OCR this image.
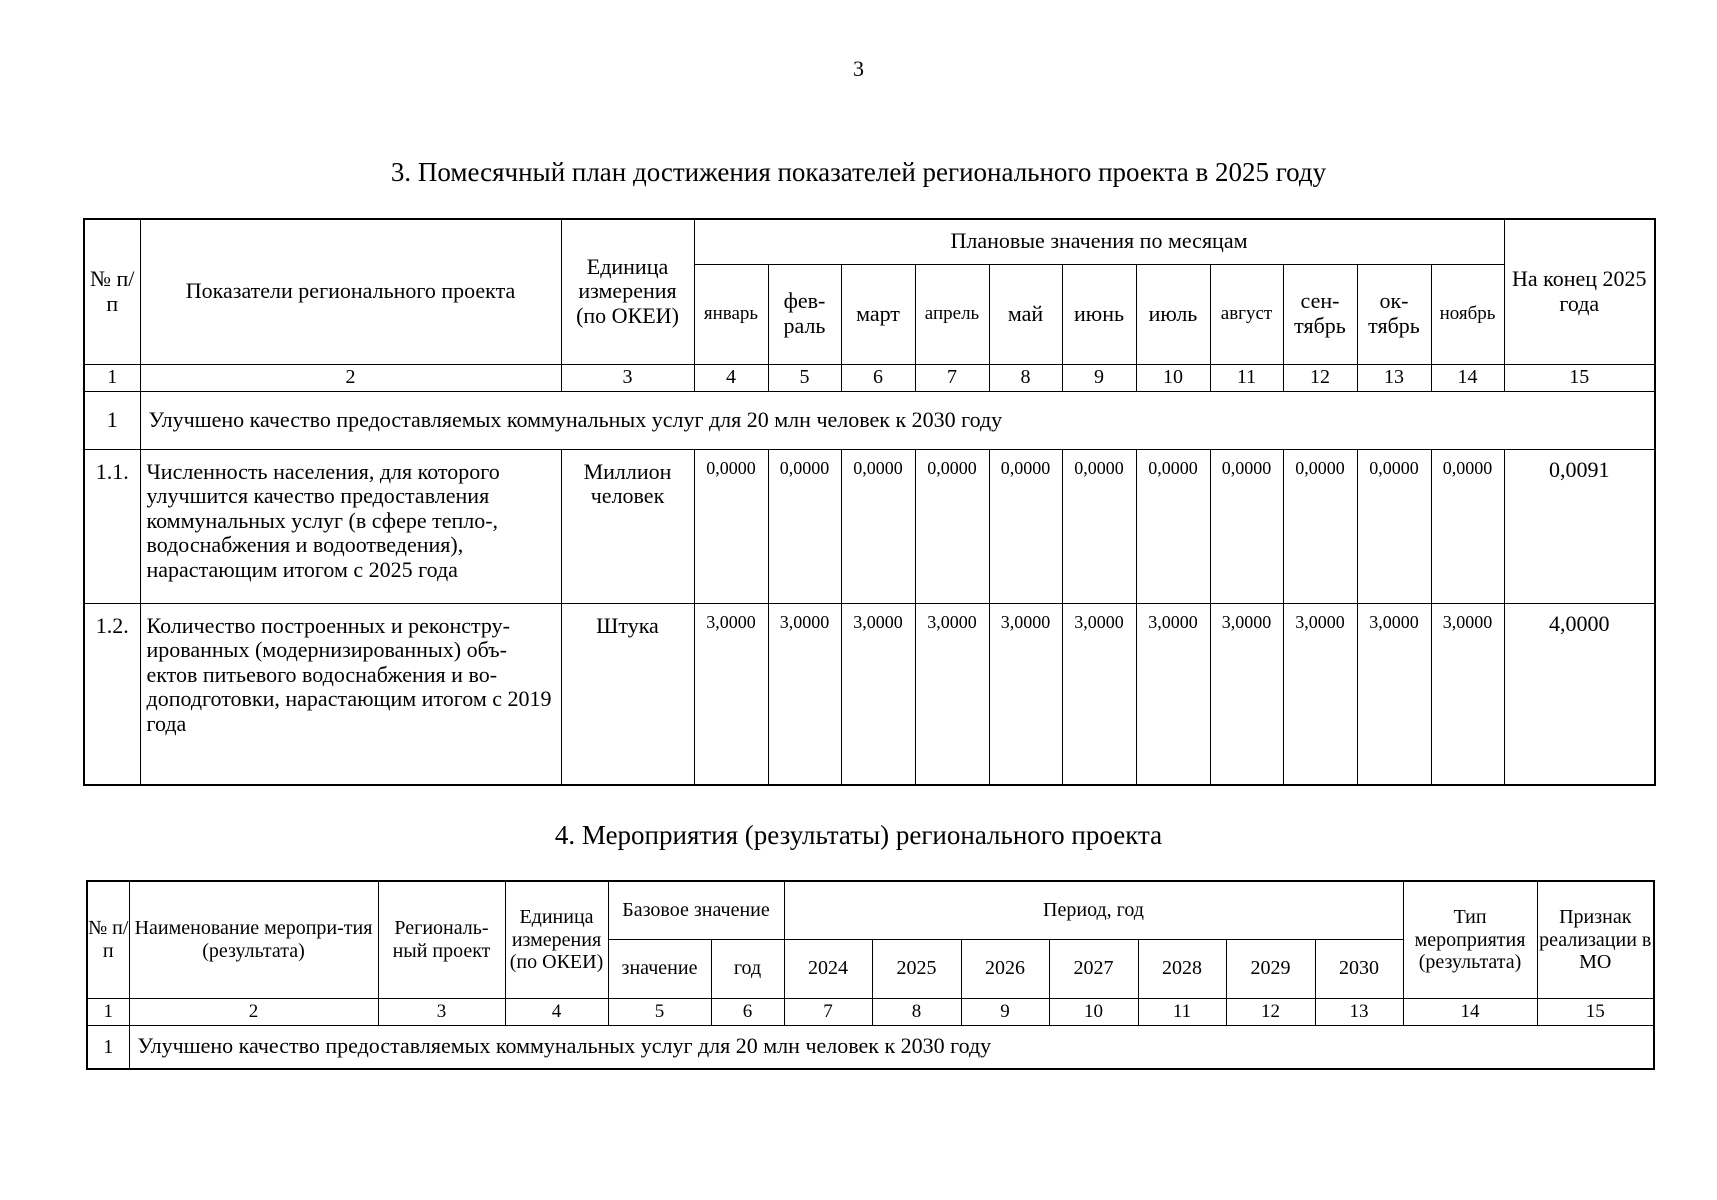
3
3. Помесячный план достижения показателей регионального проекта в 2025 году
№ п/п	Показатели регионального проекта	Единица измерения (по ОКЕИ)	Плановые значения по месяцам											На конец 2025 года
			январь	фев-раль	март	апрель	май	июнь	июль	август	сен-тябрь	ок-тябрь	ноябрь	
1	2	3	4	5	6	7	8	9	10	11	12	13	14	15
1	Улучшено качество предоставляемых коммунальных услуг для 20 млн человек к 2030 году													
1.1.	Численность населения, для которого улучшится качество предоставления коммунальных услуг (в сфере тепло-, водоснабжения и водоотведения), нарастающим итогом с 2025 года	Миллион человек	0,0000	0,0000	0,0000	0,0000	0,0000	0,0000	0,0000	0,0000	0,0000	0,0000	0,0000	0,0091
1.2.	Количество построенных и реконстру-ированных (модернизированных) объ-ектов питьевого водоснабжения и во-доподготовки, нарастающим итогом с 2019 года	Штука	3,0000	3,0000	3,0000	3,0000	3,0000	3,0000	3,0000	3,0000	3,0000	3,0000	3,0000	4,0000
4. Мероприятия (результаты) регионального проекта
№ п/п	Наименование меропри-тия (результата)	Региональ-ный проект	Единица измерения (по ОКЕИ)	Базовое значение		Период, год							Тип мероприятия (результата)	Признак реализации в МО
				значение	год	2024	2025	2026	2027	2028	2029	2030		
1	2	3	4	5	6	7	8	9	10	11	12	13	14	15
1	Улучшено качество предоставляемых коммунальных услуг для 20 млн человек к 2030 году													
